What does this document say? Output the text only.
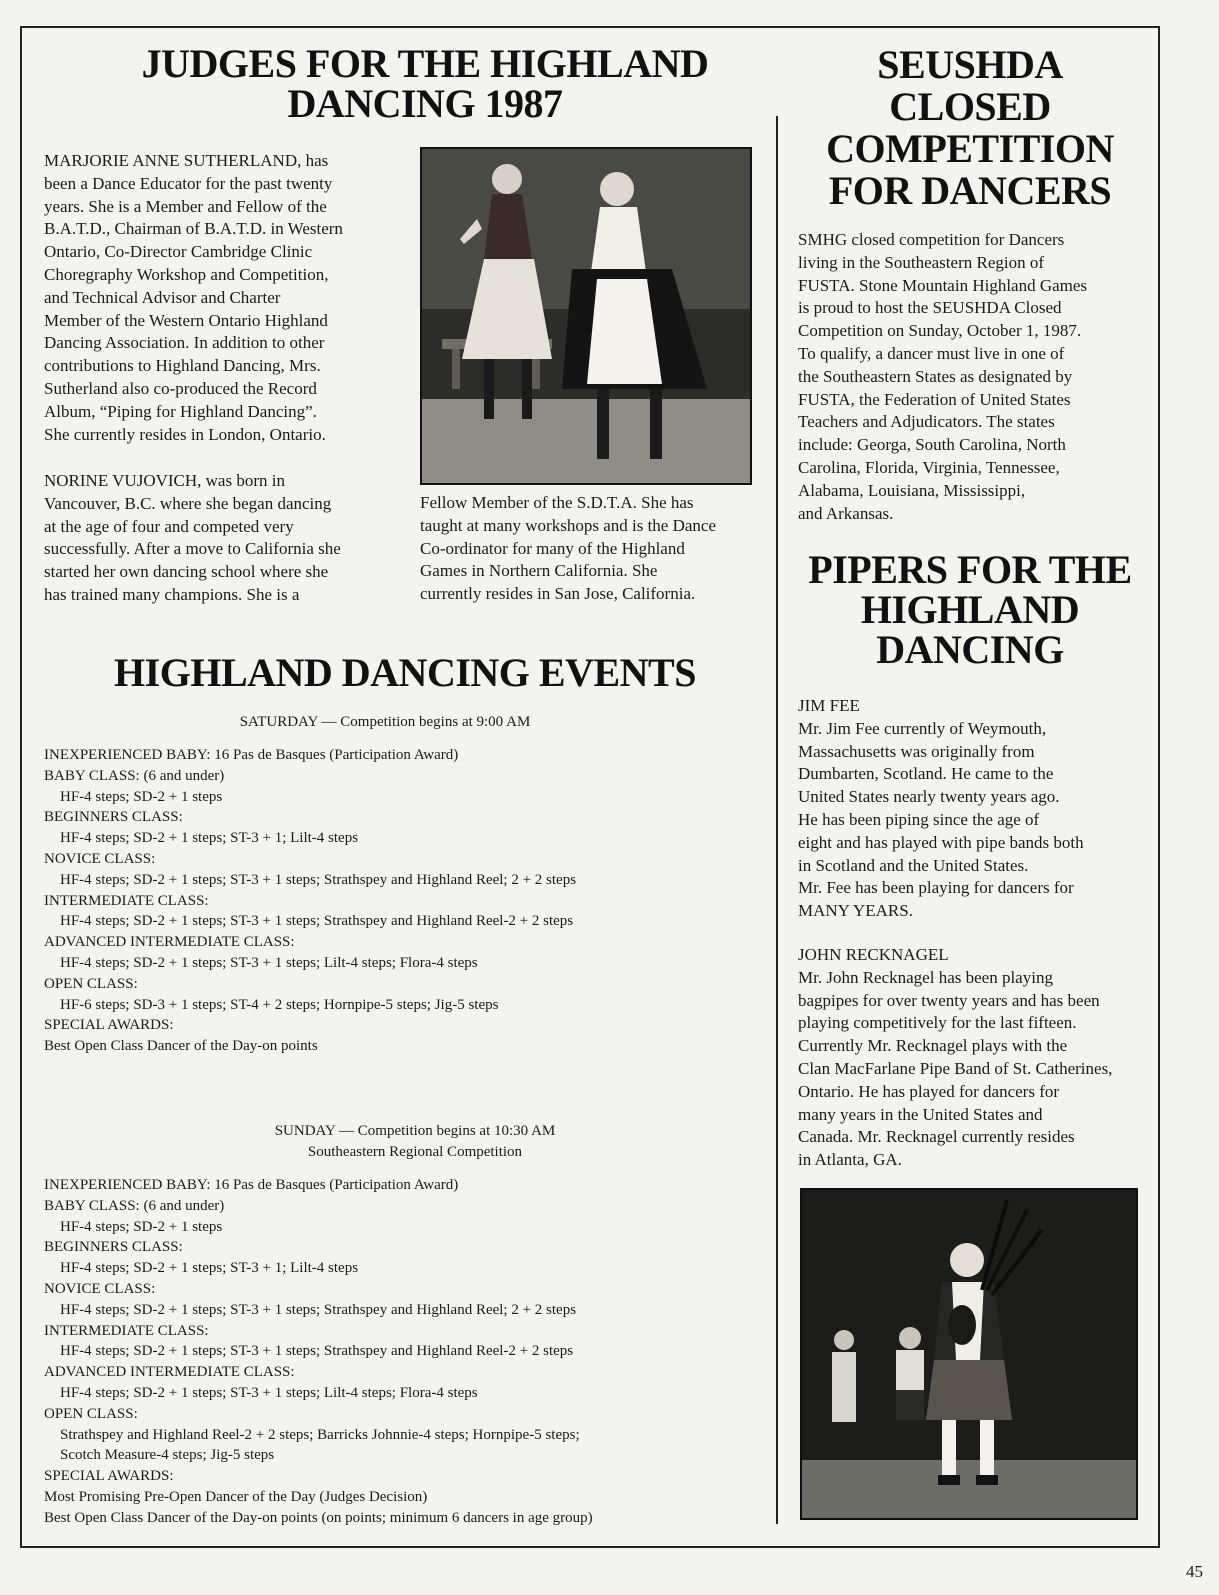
JUDGES FOR THE HIGHLAND
DANCING 1987

MARJORIE ANNE SUTHERLAND, has

been a Dance Educator for the past twenty

years. She is a Member and Fellow of the

B.A.T.D., Chairman of B.A.T.D. in Western

Ontario, Co-Director Cambridge Clinic

Choregraphy Workshop and Competition,

and Technical Advisor and Charter

Member of the Western Ontario Highland

Dancing Association. In addition to other

contributions to Highland Dancing, Mrs.

Sutherland also co-produced the Record

Album, “Piping for Highland Dancing”.

She currently resides in London, Ontario.

NORINE VUJOVICH, was born in

Vancouver, B.C. where she began dancing

at the age of four and competed very

successfully. After a move to California she

started her own dancing school where she

has trained many champions. She is a

Fellow Member of the S.D.T.A. She has

taught at many workshops and is the Dance

Co-ordinator for many of the Highland

Games in Northern California. She

currently resides in San Jose, California.

HIGHLAND DANCING EVENTS
SATURDAY — Competition begins at 9:00 AM
INEXPERIENCED BABY: 16 Pas de Basques (Participation Award)
BABY CLASS: (6 and under)
HF-4 steps; SD-2 + 1 steps
BEGINNERS CLASS:
HF-4 steps; SD-2 + 1 steps; ST-3 + 1; Lilt-4 steps
NOVICE CLASS:
HF-4 steps; SD-2 + 1 steps; ST-3 + 1 steps; Strathspey and Highland Reel; 2 + 2 steps
INTERMEDIATE CLASS:
HF-4 steps; SD-2 + 1 steps; ST-3 + 1 steps; Strathspey and Highland Reel-2 + 2 steps
ADVANCED INTERMEDIATE CLASS:
HF-4 steps; SD-2 + 1 steps; ST-3 + 1 steps; Lilt-4 steps; Flora-4 steps
OPEN CLASS:
HF-6 steps; SD-3 + 1 steps; ST-4 + 2 steps; Hornpipe-5 steps; Jig-5 steps
SPECIAL AWARDS:
Best Open Class Dancer of the Day-on points
SUNDAY — Competition begins at 10:30 AM
Southeastern Regional Competition
INEXPERIENCED BABY: 16 Pas de Basques (Participation Award)
BABY CLASS: (6 and under)
HF-4 steps; SD-2 + 1 steps
BEGINNERS CLASS:
HF-4 steps; SD-2 + 1 steps; ST-3 + 1; Lilt-4 steps
NOVICE CLASS:
HF-4 steps; SD-2 + 1 steps; ST-3 + 1 steps; Strathspey and Highland Reel; 2 + 2 steps
INTERMEDIATE CLASS:
HF-4 steps; SD-2 + 1 steps; ST-3 + 1 steps; Strathspey and Highland Reel-2 + 2 steps
ADVANCED INTERMEDIATE CLASS:
HF-4 steps; SD-2 + 1 steps; ST-3 + 1 steps; Lilt-4 steps; Flora-4 steps
OPEN CLASS:
Strathspey and Highland Reel-2 + 2 steps; Barricks Johnnie-4 steps; Hornpipe-5 steps;
Scotch Measure-4 steps; Jig-5 steps
SPECIAL AWARDS:
Most Promising Pre-Open Dancer of the Day (Judges Decision)
Best Open Class Dancer of the Day-on points (on points; minimum 6 dancers in age group)
SEUSHDA
CLOSED
COMPETITION
FOR DANCERS

SMHG closed competition for Dancers

living in the Southeastern Region of

FUSTA. Stone Mountain Highland Games

is proud to host the SEUSHDA Closed

Competition on Sunday, October 1, 1987.

To qualify, a dancer must live in one of

the Southeastern States as designated by

FUSTA, the Federation of United States

Teachers and Adjudicators. The states

include: Georga, South Carolina, North

Carolina, Florida, Virginia, Tennessee,

Alabama, Louisiana, Mississippi,

and Arkansas.

PIPERS FOR THE
HIGHLAND
DANCING

JIM FEE

Mr. Jim Fee currently of Weymouth,

Massachusetts was originally from

Dumbarten, Scotland. He came to the

United States nearly twenty years ago.

He has been piping since the age of

eight and has played with pipe bands both

in Scotland and the United States.

Mr. Fee has been playing for dancers for

MANY YEARS.

JOHN RECKNAGEL

Mr. John Recknagel has been playing

bagpipes for over twenty years and has been

playing competitively for the last fifteen.

Currently Mr. Recknagel plays with the

Clan MacFarlane Pipe Band of St. Catherines,

Ontario. He has played for dancers for

many years in the United States and

Canada. Mr. Recknagel currently resides

in Atlanta, GA.

45
